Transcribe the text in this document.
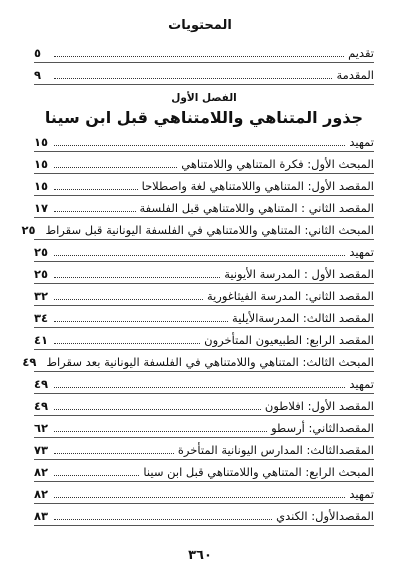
المحتويات
تقديم
٥
المقدمة
٩
الفصل الأول
جذور المتناهي واللامتناهي قبل ابن سينا
تمهيد
١٥
المبحث الأول: فكرة المتناهي واللامتناهي
١٥
المقصد الأول: المتناهي واللامتناهي لغة واصطلاحا
١٥
المقصد الثاني : المتناهي واللامتناهي قبل الفلسفة
١٧
المبحث الثاني: المتناهي واللامتناهي في الفلسفة اليونانية قبل سقراط
٢٥
تمهيد
٢٥
المقصد الأول : المدرسة الأيونية
٢٥
المقصد الثاني: المدرسة الفيثاغورية
٣٢
المقصد الثالث: المدرسةالأيلية
٣٤
المقصد الرابع: الطبيعيون المتأخرون
٤١
المبحث الثالث: المتناهي واللامتناهي في الفلسفة اليونانية بعد سقراط
٤٩
تمهيد
٤٩
المقصد الأول: افلاطون
٤٩
المقصدالثاني: أرسطو
٦٢
المقصدالثالث: المدارس اليونانية المتأخرة
٧٣
المبحث الرابع: المتناهي واللامتناهي قبل ابن سينا
٨٢
تمهيد
٨٢
المقصدالأول: الكندي
٨٣
٣٦٠
